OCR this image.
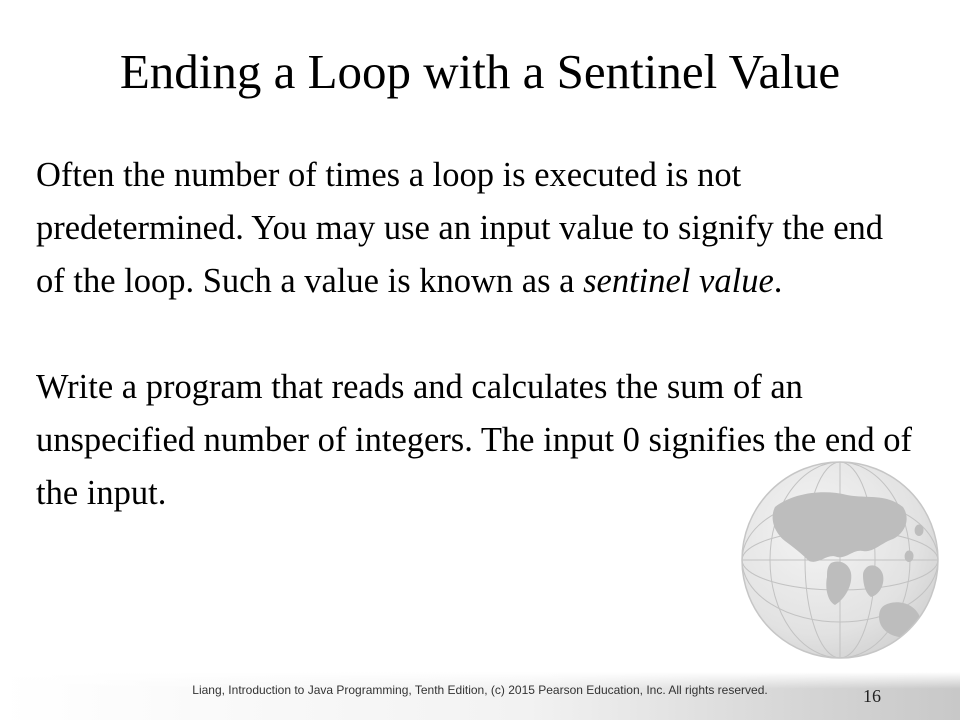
Ending a Loop with a Sentinel Value

Often the number of times a loop is executed is not predetermined. You may use an input value to signify the end of the loop. Such a value is known as a sentinel value.

Write a program that reads and calculates the sum of an unspecified number of integers. The input 0 signifies the end of the input.

Liang, Introduction to Java Programming, Tenth Edition, (c) 2015 Pearson Education, Inc. All rights reserved.	16
